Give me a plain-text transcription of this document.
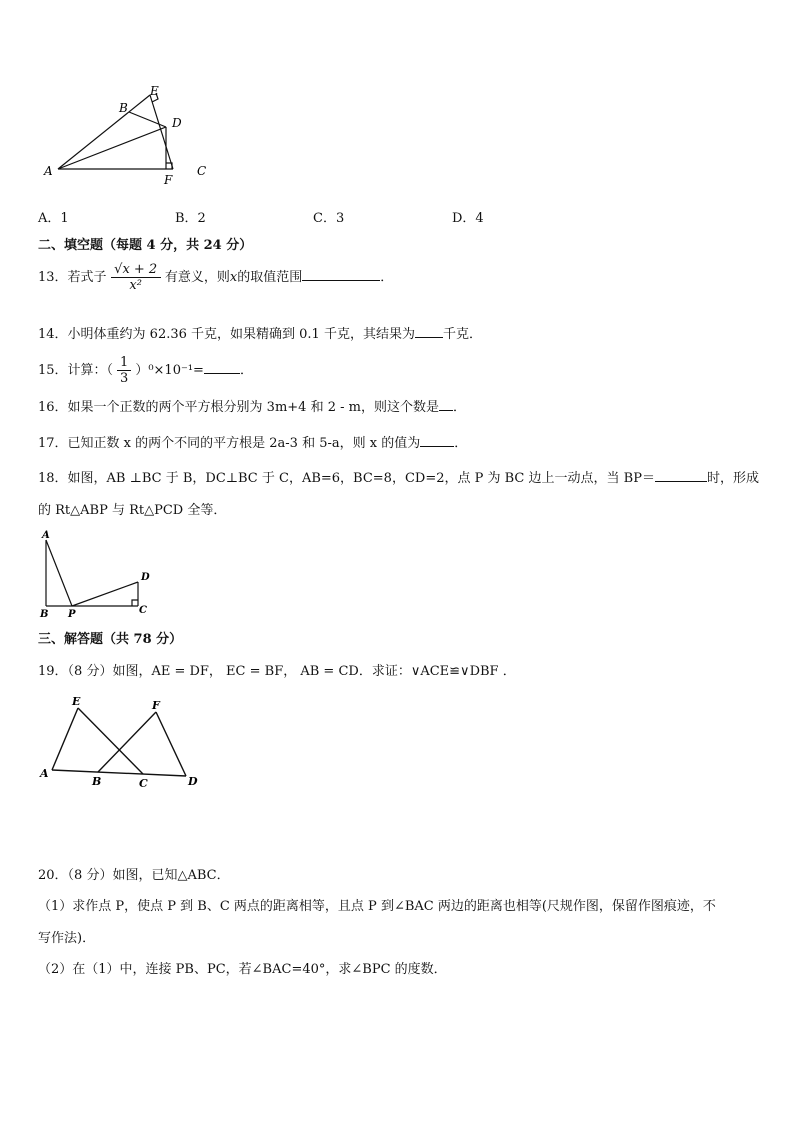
A
B
E
D
F
C
A．1	B．2	C．3	D．4
二、填空题（每题 4 分，共 24 分）
13．若式子 $\frac{√x + 2}{\text{x²}}$ 有意义，则x的取值范围	．
14．小明体重约为 62.36 千克，如果精确到 0.1 千克，其结果为 千克．
15．计算：（ $\frac{1}{3} )^0\times 10^{-1}=$	．
16．如果一个正数的两个平方根分别为 3m+4 和 2 - m，则这个数是 ．
17．已知正数 x 的两个不同的平方根是 2a-3 和 5-a，则 x 的值为	．
18．如图，AB ⊥BC 于 B，DC⊥BC 于 C，AB=6，BC=8，CD=2，点 P 为 BC 边上一动点，当 BP＝	时，形成
的 Rt△ABP 与 Rt△PCD 全等．
A
B P	C
D
三、解答题（共 78 分）
19．（8 分）如图，AE = DF， EC = BF， AB = CD．求证：∨ACE≌∨DBF ．
A
E
B	C
F
D
20．（8 分）如图，已知△ABC．
（1）求作点 P，使点 P 到 B、C 两点的距离相等，且点 P 到∠BAC 两边的距离也相等(尺规作图，保留作图痕迹，不
写作法)．
（2）在（1）中，连接 PB、PC，若∠BAC=40°，求∠BPC 的度数．
